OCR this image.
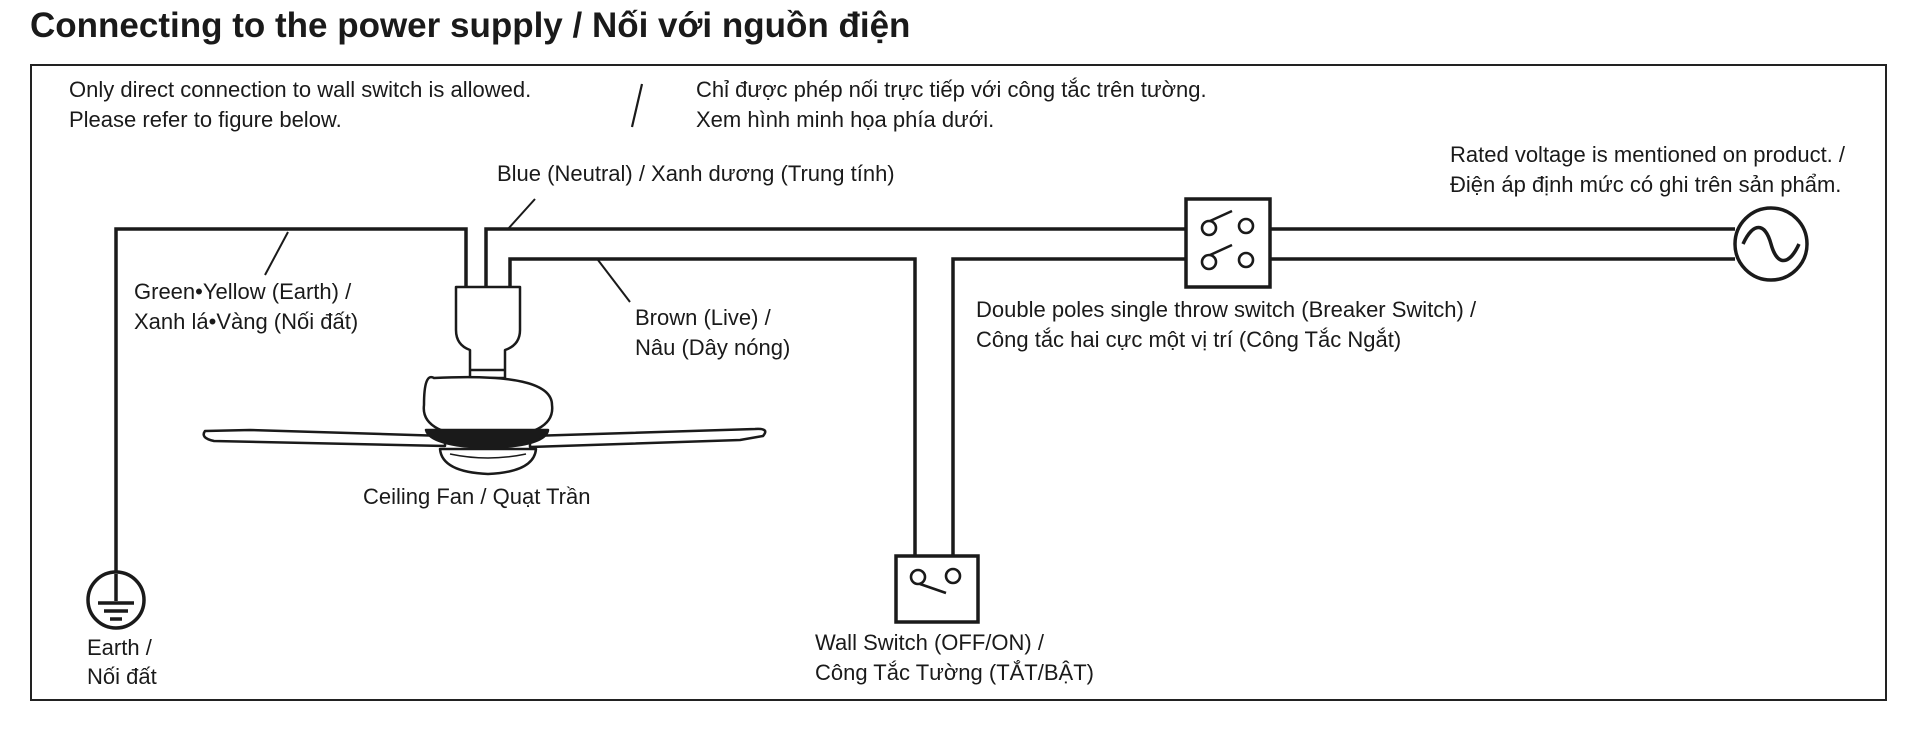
Connecting to the power supply / Nối với nguồn điện
Only direct connection to wall switch is allowed.
Please refer to figure below.
Chỉ được phép nối trực tiếp với công tắc trên tường.
Xem hình minh họa phía dưới.
Blue (Neutral) / Xanh dương (Trung tính)
Rated voltage is mentioned on product. /
Điện áp định mức có ghi trên sản phẩm.
Green•Yellow (Earth) /
Xanh lá•Vàng (Nối đất)	Brown (Live) /
Nâu (Dây nóng)
Double poles single throw switch (Breaker Switch) /
Công tắc hai cực một vị trí (Công Tắc Ngắt)
Ceiling Fan / Quạt Trần
Earth /
Nối đất
Wall Switch (OFF/ON) /
Công Tắc Tường (TẮT/BẬT)
